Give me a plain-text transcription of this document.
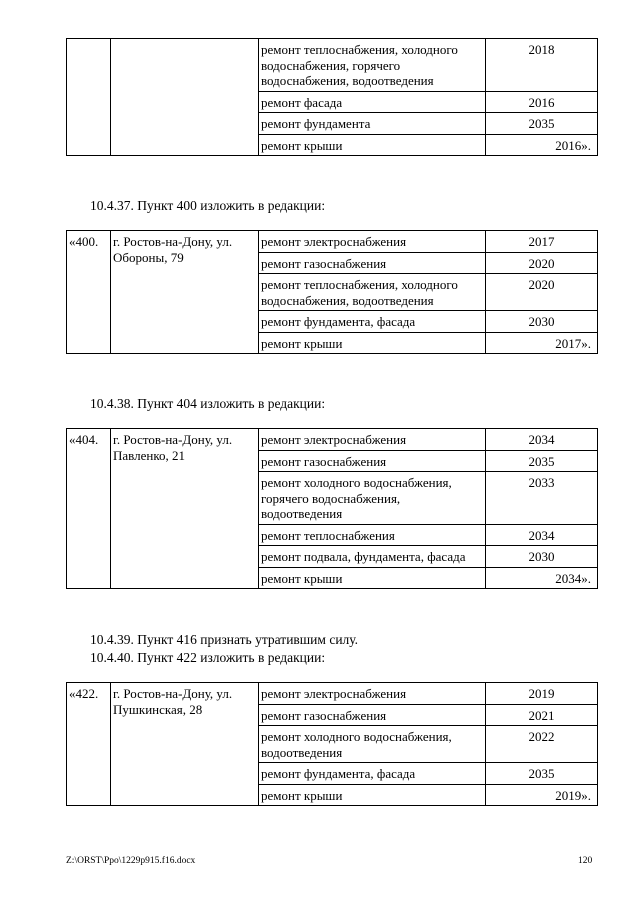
		ремонт теплоснабжения, холодного водоснабжения, горячего водоснабжения, водоотведения	2018
		ремонт фасада	2016
		ремонт фундамента	2035
		ремонт крыши	2016».
10.4.37. Пункт 400 изложить в редакции:
«400.	г. Ростов-на-Дону, ул. Обороны, 79	ремонт электроснабжения	2017
		ремонт газоснабжения	2020
		ремонт теплоснабжения, холодного водоснабжения, водоотведения	2020
		ремонт фундамента, фасада	2030
		ремонт крыши	2017».
10.4.38. Пункт 404 изложить в редакции:
«404.	г. Ростов-на-Дону, ул. Павленко, 21	ремонт электроснабжения	2034
		ремонт газоснабжения	2035
		ремонт холодного водоснабжения, горячего водоснабжения, водоотведения	2033
		ремонт теплоснабжения	2034
		ремонт подвала, фундамента, фасада	2030
		ремонт крыши	2034».
10.4.39. Пункт 416 признать утратившим силу.
10.4.40. Пункт 422 изложить в редакции:
«422.	г. Ростов-на-Дону, ул. Пушкинская, 28	ремонт электроснабжения	2019
		ремонт газоснабжения	2021
		ремонт холодного водоснабжения, водоотведения	2022
		ремонт фундамента, фасада	2035
		ремонт крыши	2019».
Z:\ORST\Ppo\1229p915.f16.docx	120
